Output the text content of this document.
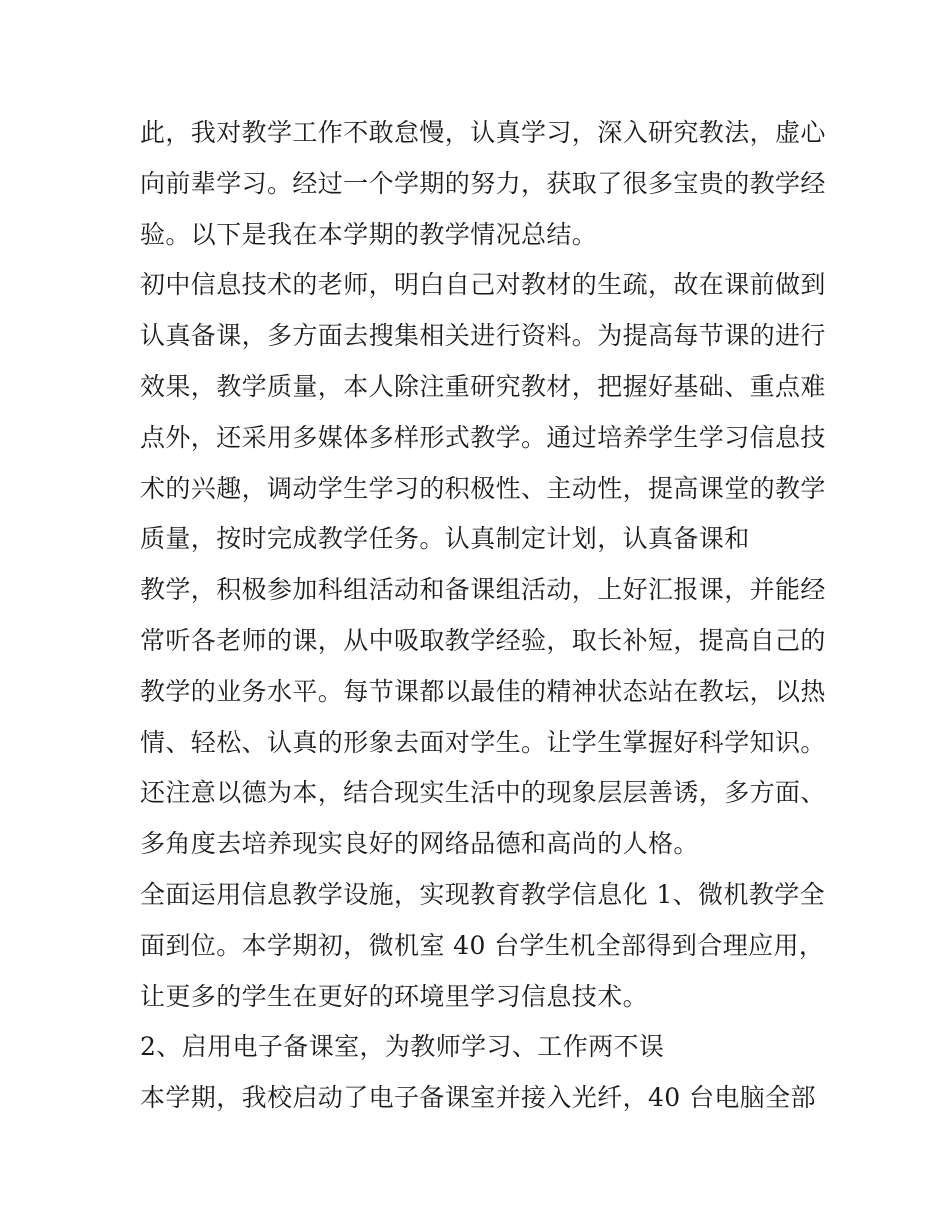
此，我对教学工作不敢怠慢，认真学习，深入研究教法，虚心
向前辈学习。经过一个学期的努力，获取了很多宝贵的教学经
验。以下是我在本学期的教学情况总结。
初中信息技术的老师，明白自己对教材的生疏，故在课前做到
认真备课，多方面去搜集相关进行资料。为提高每节课的进行
效果，教学质量，本人除注重研究教材，把握好基础、重点难
点外，还采用多媒体多样形式教学。通过培养学生学习信息技
术的兴趣，调动学生学习的积极性、主动性，提高课堂的教学
质量，按时完成教学任务。认真制定计划，认真备课和
教学，积极参加科组活动和备课组活动，上好汇报课，并能经
常听各老师的课，从中吸取教学经验，取长补短，提高自己的
教学的业务水平。每节课都以最佳的精神状态站在教坛，以热
情、轻松、认真的形象去面对学生。让学生掌握好科学知识。
还注意以德为本，结合现实生活中的现象层层善诱，多方面、
多角度去培养现实良好的网络品德和高尚的人格。
全面运用信息教学设施，实现教育教学信息化 1、微机教学全
面到位。本学期初，微机室 40 台学生机全部得到合理应用，
让更多的学生在更好的环境里学习信息技术。
2、启用电子备课室，为教师学习、工作两不误
本学期，我校启动了电子备课室并接入光纤，40 台电脑全部
